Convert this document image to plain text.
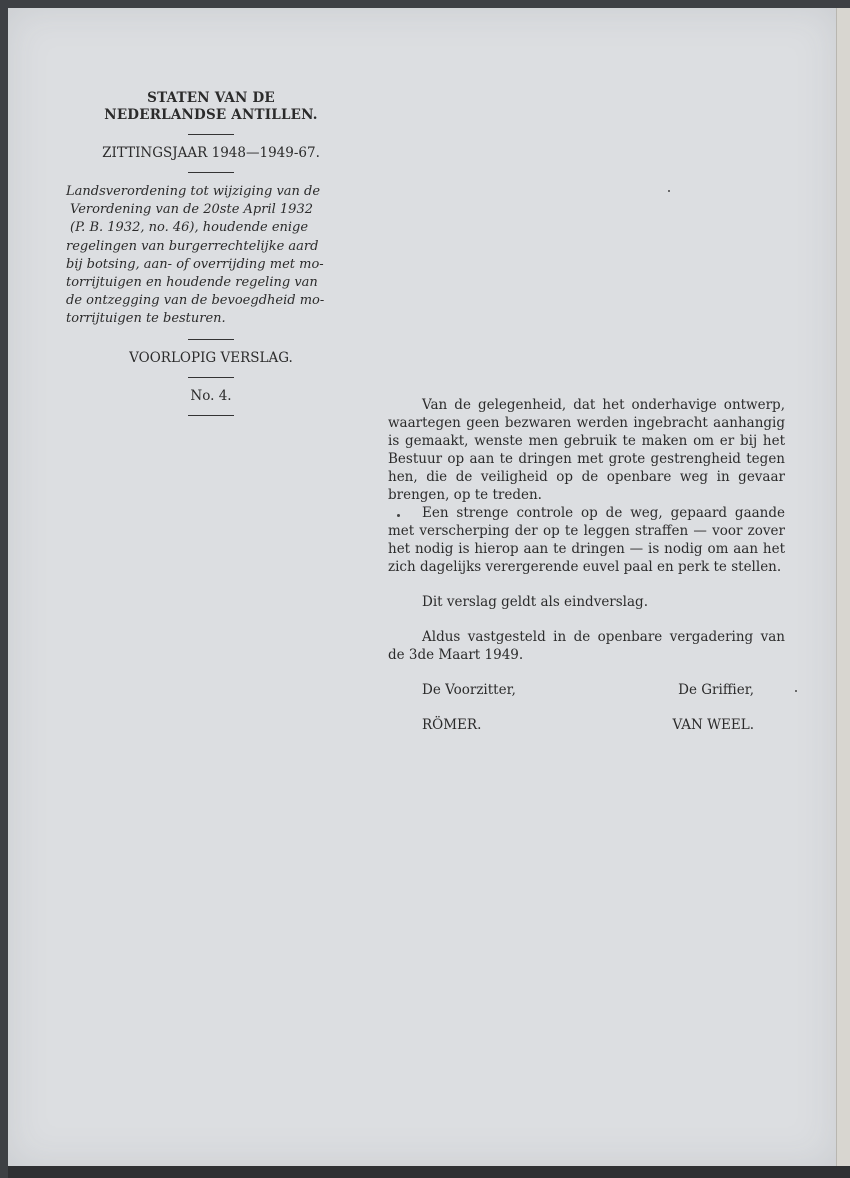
STATEN VAN DE
NEDERLANDSE ANTILLEN.
ZITTINGSJAAR 1948—1949-67.
Landsverordening tot wijziging van de
Verordening van de 20ste April 1932
(P. B. 1932, no. 46), houdende enige
regelingen van burgerrechtelijke aard
bij botsing, aan- of overrijding met mo-
torrijtuigen en houdende regeling van
de ontzegging van de bevoegdheid mo-
torrijtuigen te besturen.
VOORLOPIG VERSLAG.
No. 4.

Van de gelegenheid, dat het onderhavige ontwerp, waartegen geen bezwaren werden ingebracht aanhangig is gemaakt, wenste men gebruik te maken om er bij het Bestuur op aan te dringen met grote gestrengheid tegen hen, die de veiligheid op de openbare weg in gevaar brengen, op te treden.

Een strenge controle op de weg, gepaard gaande met verscherping der op te leggen straffen — voor zover het nodig is hierop aan te dringen — is nodig om aan het zich dagelijks verergerende euvel paal en perk te stellen.

Dit verslag geldt als eindverslag.

Aldus vastgesteld in de openbare vergadering van de 3de Maart 1949.

De Voorzitter,	De Griffier,
RÖMER.	VAN WEEL.
